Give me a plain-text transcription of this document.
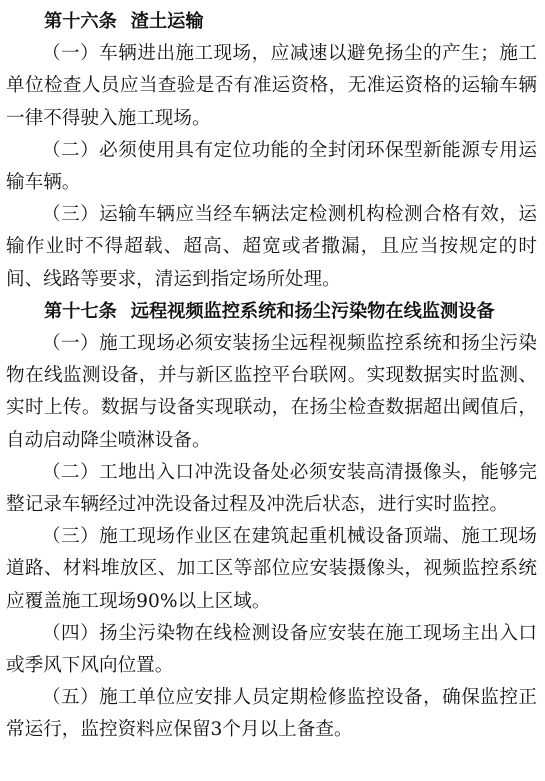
第十六条 渣土运输

（一）车辆进出施工现场，应减速以避免扬尘的产生；施工单位检查人员应当查验是否有准运资格，无准运资格的运输车辆一律不得驶入施工现场。

（二）必须使用具有定位功能的全封闭环保型新能源专用运输车辆。

（三）运输车辆应当经车辆法定检测机构检测合格有效，运输作业时不得超载、超高、超宽或者撒漏，且应当按规定的时间、线路等要求，清运到指定场所处理。

第十七条 远程视频监控系统和扬尘污染物在线监测设备

（一）施工现场必须安装扬尘远程视频监控系统和扬尘污染物在线监测设备，并与新区监控平台联网。实现数据实时监测、实时上传。数据与设备实现联动，在扬尘检查数据超出阈值后，自动启动降尘喷淋设备。

（二）工地出入口冲洗设备处必须安装高清摄像头，能够完整记录车辆经过冲洗设备过程及冲洗后状态，进行实时监控。

（三）施工现场作业区在建筑起重机械设备顶端、施工现场道路、材料堆放区、加工区等部位应安装摄像头，视频监控系统应覆盖施工现场90%以上区域。

（四）扬尘污染物在线检测设备应安装在施工现场主出入口或季风下风向位置。

（五）施工单位应安排人员定期检修监控设备，确保监控正常运行，监控资料应保留3个月以上备查。
